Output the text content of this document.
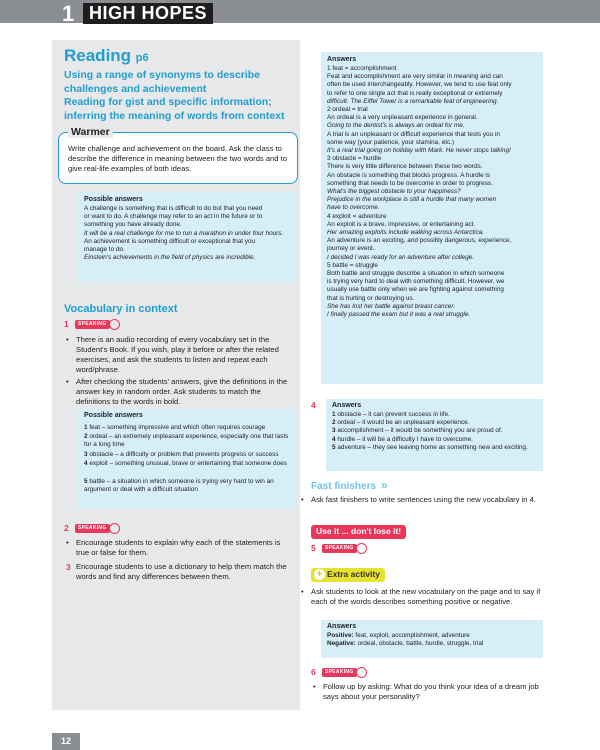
1 HIGH HOPES
Reading p6
Using a range of synonyms to describe challenges and achievement
Reading for gist and specific information; inferring the meaning of words from context
Warmer
Write challenge and achievement on the board. Ask the class to describe the difference in meaning between the two words and to give real-life examples of both ideas.
Possible answers
A challenge is something that is difficult to do but that you need
or want to do. A challenge may refer to an act in the future or to
something you have already done.
It will be a real challenge for me to run a marathon in under four hours.
An achievement is something difficult or exceptional that you
manage to do.
Einstein's achievements in the field of physics are incredible.
Vocabulary in context
1	SPEAKING
• There is an audio recording of every vocabulary set in the Student's Book. If you wish, play it before or after the related exercises, and ask the students to listen and repeat each word/phrase.
• After checking the students' answers, give the definitions in the answer key in random order. Ask students to match the definitions to the words in bold.
Possible answers
1 feat – something impressive and which often requires courage
2 ordeal – an extremely unpleasant experience, especially one that lasts for a long time
3 obstacle – a difficulty or problem that prevents progress or success
4 exploit – something unusual, brave or entertaining that someone does
5 battle – a situation in which someone is trying very hard to win an argument or deal with a difficult situation
2	SPEAKING
• Encourage students to explain why each of the statements is true or false for them.
3 Encourage students to use a dictionary to help them match the words and find any differences between them.
Answers
1 feat = accomplishment
Feat and accomplishment are very similar in meaning and can
often be used interchangeably. However, we tend to use feat only
to refer to one single act that is really exceptional or extremely
difficult. The Eiffel Tower is a remarkable feat of engineering.
2 ordeal = trial
An ordeal is a very unpleasant experience in general.
Going to the dentist's is always an ordeal for me.
A trial is an unpleasant or difficult experience that tests you in
some way (your patience, your stamina, etc.)
It's a real trial going on holiday with Mark. He never stops talking!
3 obstacle = hurdle
There is very little difference between these two words.
An obstacle is something that blocks progress. A hurdle is
something that needs to be overcome in order to progress.
What's the biggest obstacle to your happiness?
Prejudice in the workplace is still a hurdle that many women
have to overcome.
4 exploit = adventure
An exploit is a brave, impressive, or entertaining act.
Her amazing exploits include walking across Antarctica.
An adventure is an exciting, and possibly dangerous, experience,
journey or event.
I decided I was ready for an adventure after college.
5 battle = struggle
Both battle and struggle describe a situation in which someone
is trying very hard to deal with something difficult. However, we
usually use battle only when we are fighting against something
that is hurting or destroying us.
She has lost her battle against breast cancer.
I finally passed the exam but it was a real struggle.
4 Answers
1 obstacle – it can prevent success in life.
2 ordeal – it would be an unpleasant experience.
3 accomplishment – it would be something you are proud of.
4 hurdle – it will be a difficulty I have to overcome.
5 adventure – they see leaving home as something new and exciting.
Fast finishers »
• Ask fast finishers to write sentences using the new vocabulary in 4.
Use it ... don't lose it!
5	SPEAKING
Extra activity
+
• Ask students to look at the new vocabulary on the page and to say if each of the words describes something positive or negative.
Answers
Positive: feat, exploit, accomplishment, adventure
Negative: ordeal, obstacle, battle, hurdle, struggle, trial
6	SPEAKING
• Follow up by asking: What do you think your idea of a dream job says about your personality?
12
